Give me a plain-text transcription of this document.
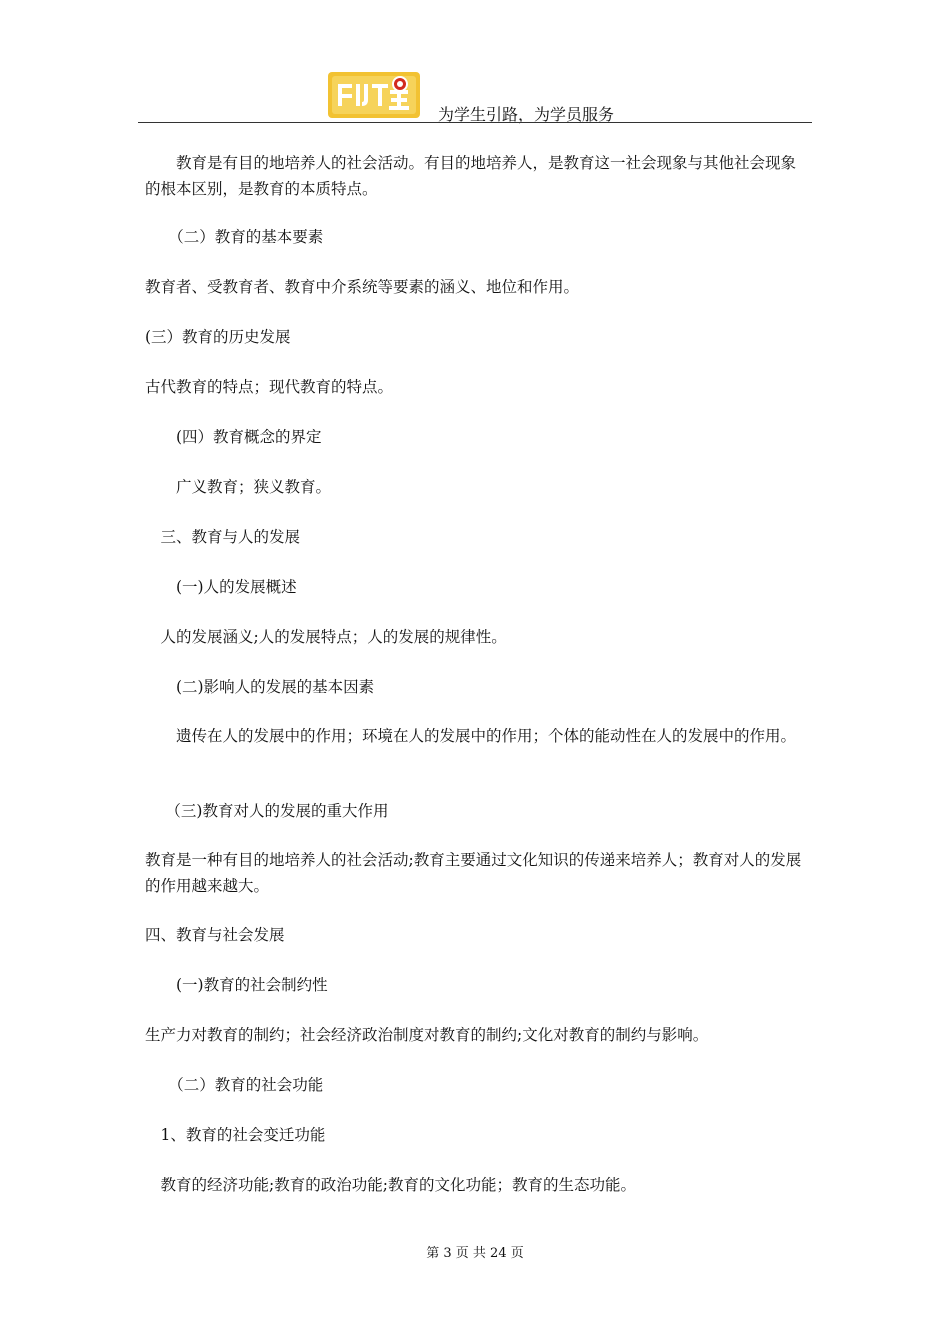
为学生引路，为学员服务

　　教育是有目的地培养人的社会活动。有目的地培养人，是教育这一社会现象与其他社会现象的根本区别，是教育的本质特点。

　　（二）教育的基本要素

教育者、受教育者、教育中介系统等要素的涵义、地位和作用。

(三）教育的历史发展

古代教育的特点；现代教育的特点。

　　(四）教育概念的界定

　　广义教育；狭义教育。

　三、教育与人的发展

　　(一)人的发展概述

　人的发展涵义;人的发展特点；人的发展的规律性。

　　(二)影响人的发展的基本因素

　　遗传在人的发展中的作用；环境在人的发展中的作用；个体的能动性在人的发展中的作用。

　 （三)教育对人的发展的重大作用

教育是一种有目的地培养人的社会活动;教育主要通过文化知识的传递来培养人；教育对人的发展的作用越来越大。

四、教育与社会发展

　　(一)教育的社会制约性

生产力对教育的制约；社会经济政治制度对教育的制约;文化对教育的制约与影响。

　　（二）教育的社会功能

　1、教育的社会变迁功能

　教育的经济功能;教育的政治功能;教育的文化功能；教育的生态功能。

第 3 页 共 24 页
